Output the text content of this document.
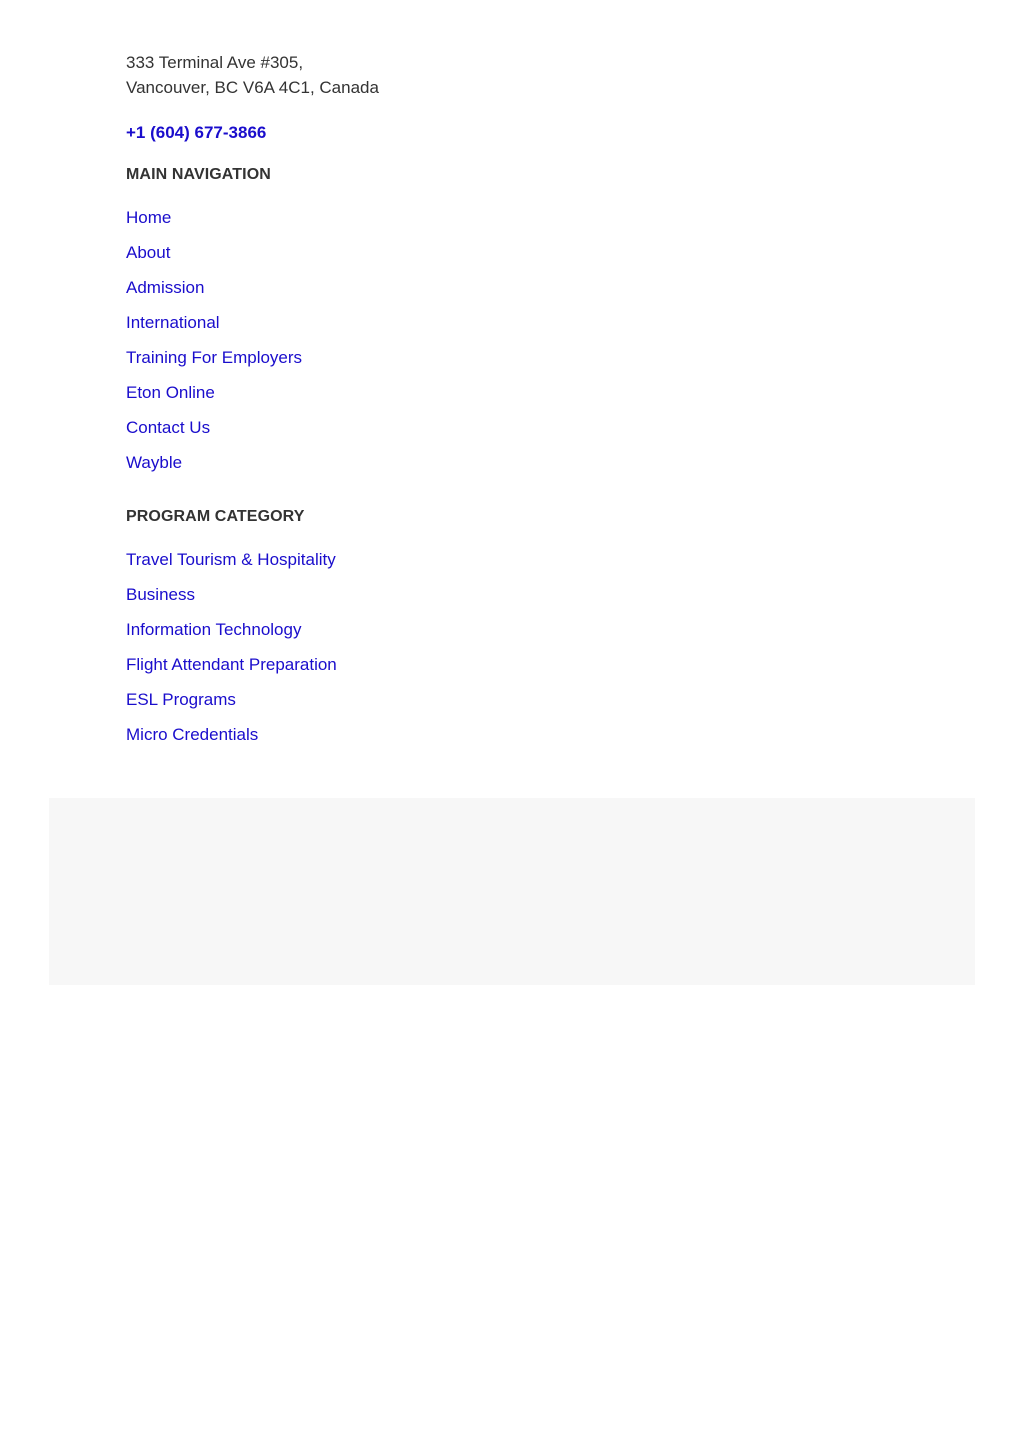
333 Terminal Ave #305,
Vancouver, BC V6A 4C1, Canada

+1 (604) 677-3866
MAIN NAVIGATION
Home
About
Admission
International
Training For Employers
Eton Online
Contact Us
Wayble
PROGRAM CATEGORY
Travel Tourism & Hospitality
Business
Information Technology
Flight Attendant Preparation
ESL Programs
Micro Credentials
